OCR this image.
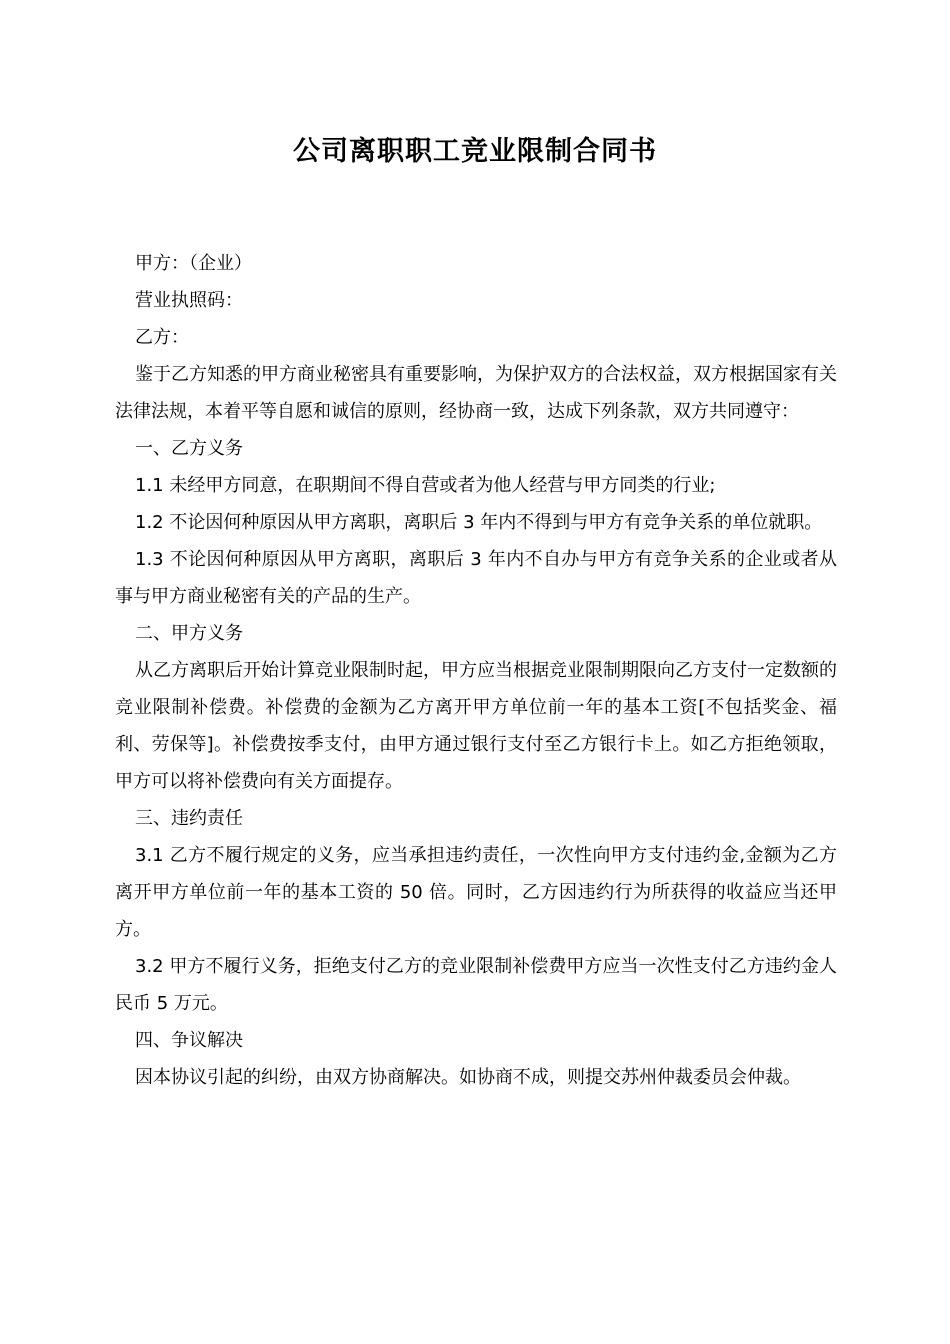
公司离职职工竞业限制合同书

甲方：（企业）

营业执照码：

乙方：

鉴于乙方知悉的甲方商业秘密具有重要影响，为保护双方的合法权益，双方根据国家有关法律法规，本着平等自愿和诚信的原则，经协商一致，达成下列条款，双方共同遵守：

一、乙方义务

1.1 未经甲方同意，在职期间不得自营或者为他人经营与甲方同类的行业;

1.2 不论因何种原因从甲方离职，离职后 3 年内不得到与甲方有竞争关系的单位就职。

1.3 不论因何种原因从甲方离职，离职后 3 年内不自办与甲方有竞争关系的企业或者从事与甲方商业秘密有关的产品的生产。

二、甲方义务

从乙方离职后开始计算竞业限制时起，甲方应当根据竞业限制期限向乙方支付一定数额的竞业限制补偿费。补偿费的金额为乙方离开甲方单位前一年的基本工资[不包括奖金、福利、劳保等]。补偿费按季支付，由甲方通过银行支付至乙方银行卡上。如乙方拒绝领取，甲方可以将补偿费向有关方面提存。

三、违约责任

3.1 乙方不履行规定的义务，应当承担违约责任，一次性向甲方支付违约金,金额为乙方离开甲方单位前一年的基本工资的 50 倍。同时，乙方因违约行为所获得的收益应当还甲方。

3.2 甲方不履行义务，拒绝支付乙方的竞业限制补偿费甲方应当一次性支付乙方违约金人民币 5 万元。

四、争议解决

因本协议引起的纠纷，由双方协商解决。如协商不成，则提交苏州仲裁委员会仲裁。
